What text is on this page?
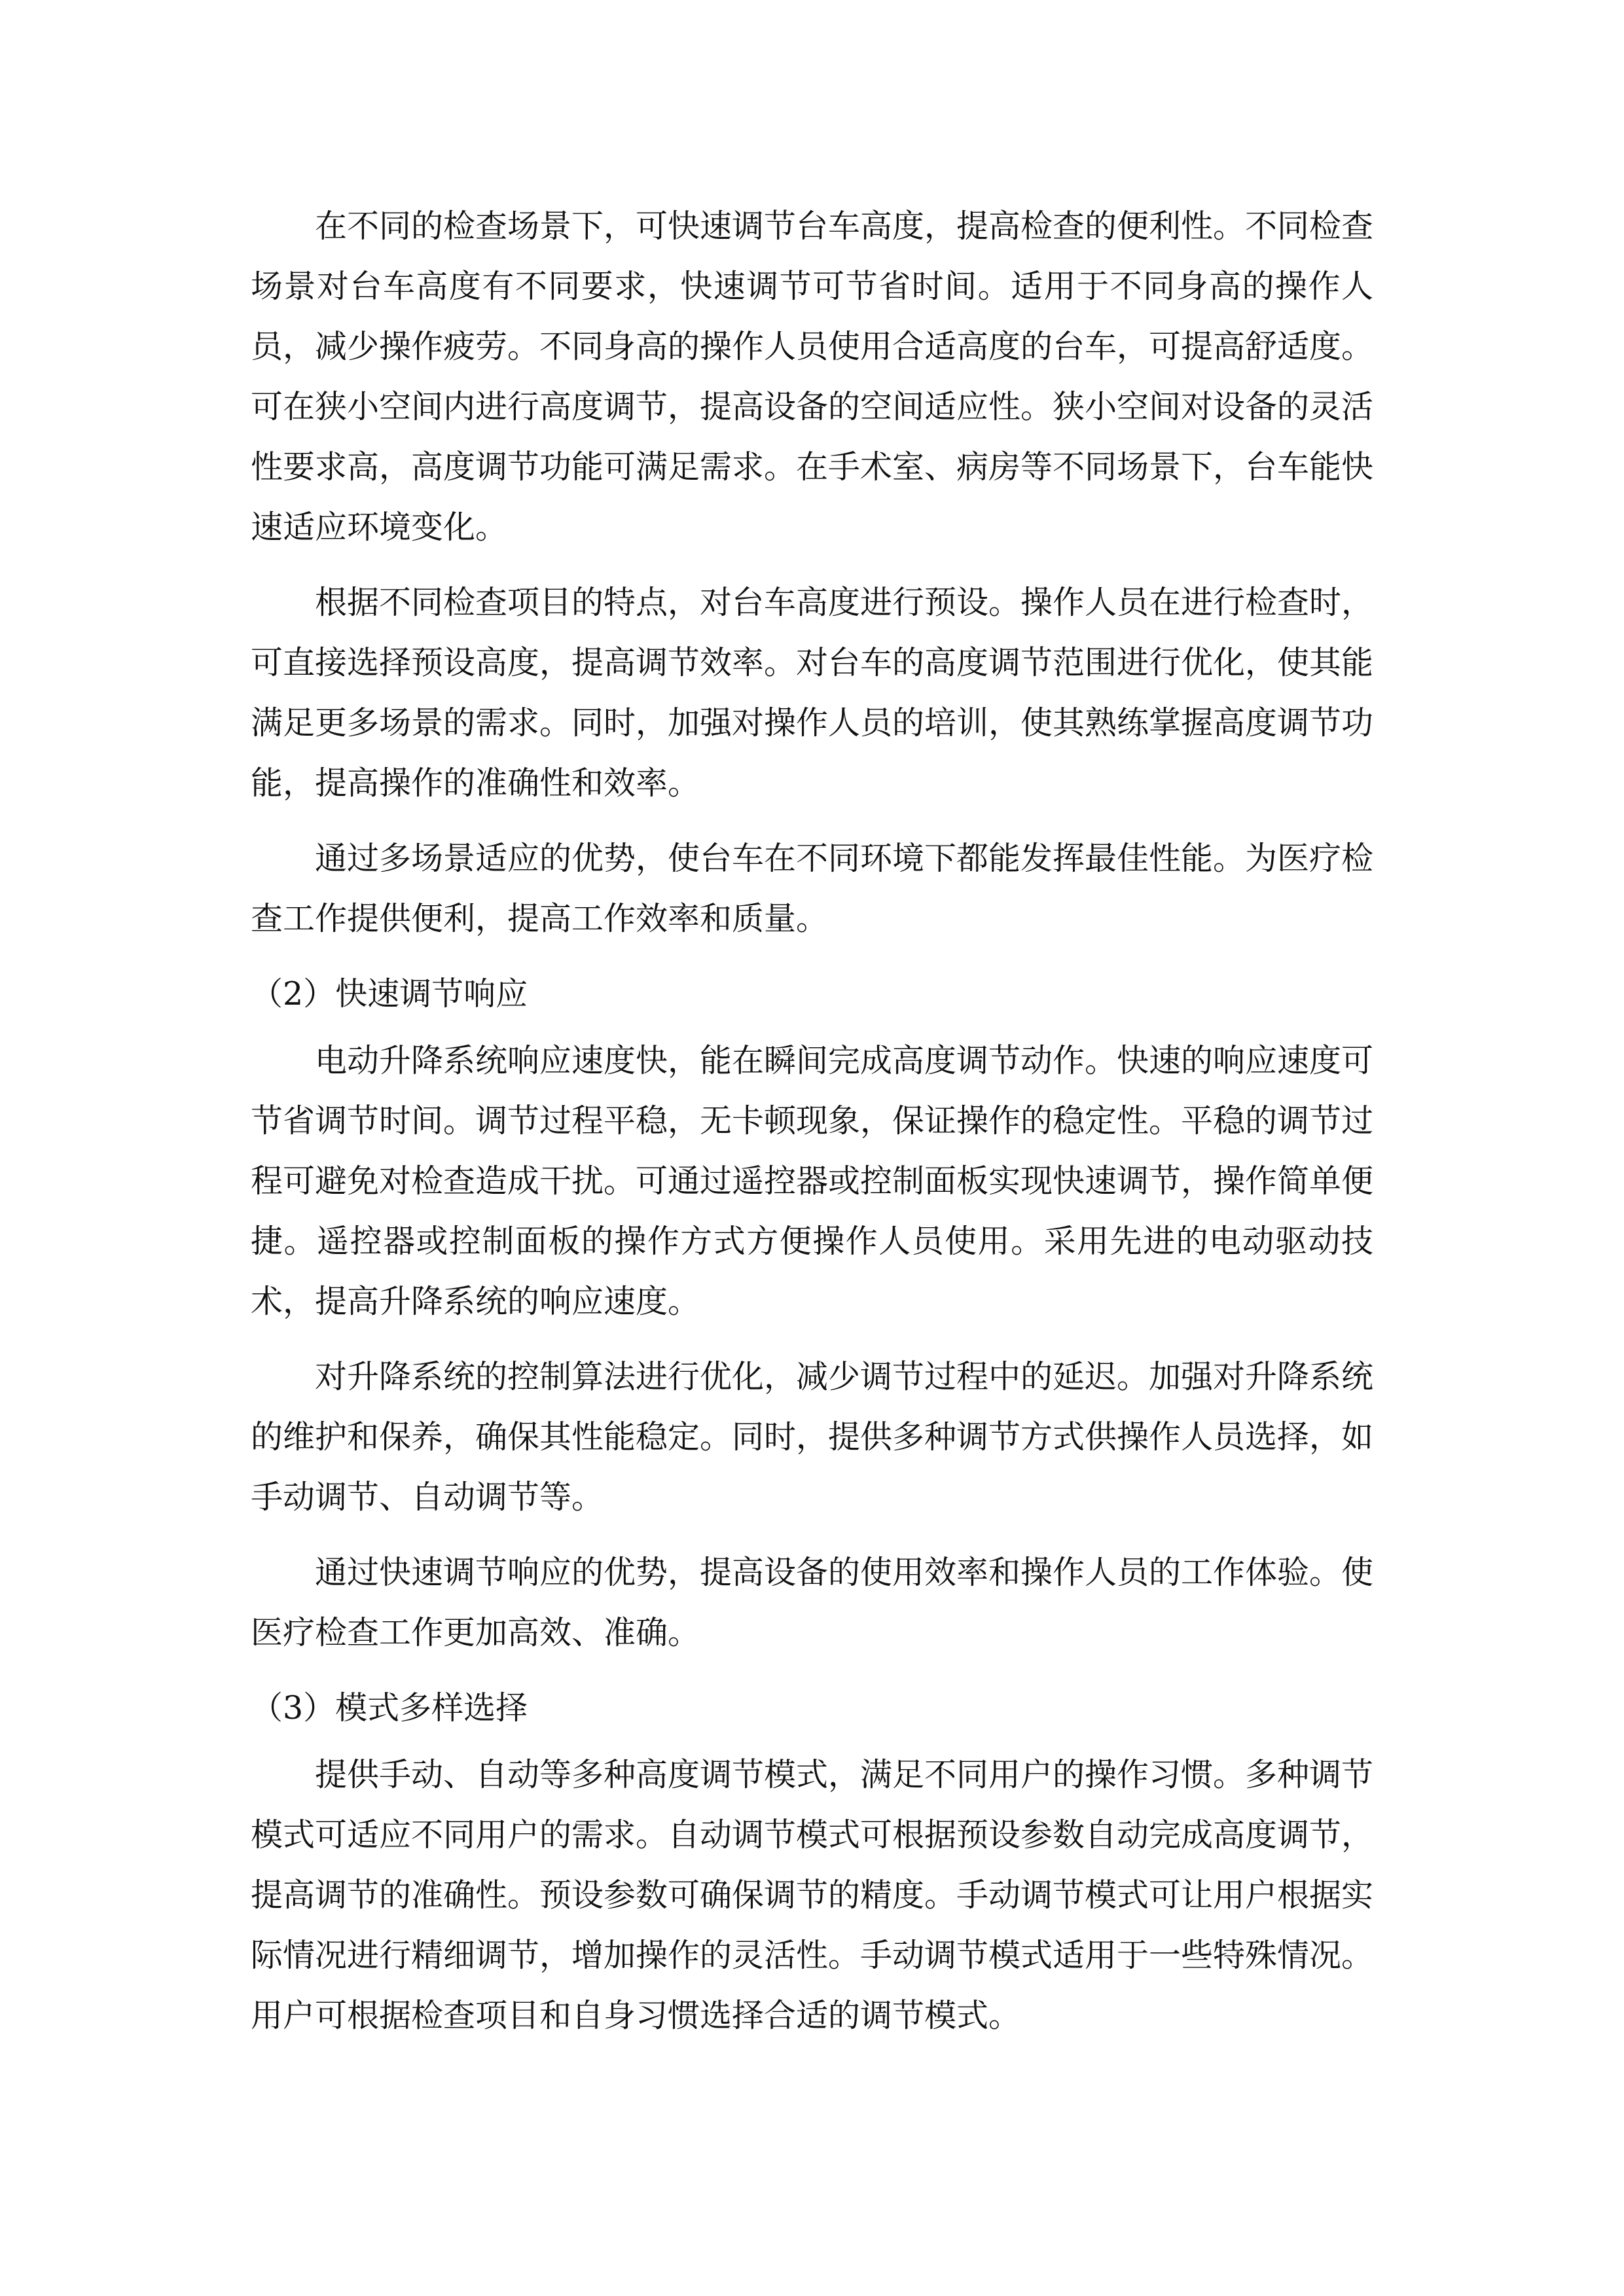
在不同的检查场景下，可快速调节台车高度，提高检查的便利性。不同检查场景对台车高度有不同要求，快速调节可节省时间。适用于不同身高的操作人员，减少操作疲劳。不同身高的操作人员使用合适高度的台车，可提高舒适度。可在狭小空间内进行高度调节，提高设备的空间适应性。狭小空间对设备的灵活性要求高，高度调节功能可满足需求。在手术室、病房等不同场景下，台车能快速适应环境变化。

根据不同检查项目的特点，对台车高度进行预设。操作人员在进行检查时，可直接选择预设高度，提高调节效率。对台车的高度调节范围进行优化，使其能满足更多场景的需求。同时，加强对操作人员的培训，使其熟练掌握高度调节功能，提高操作的准确性和效率。

通过多场景适应的优势，使台车在不同环境下都能发挥最佳性能。为医疗检查工作提供便利，提高工作效率和质量。

（2）快速调节响应

电动升降系统响应速度快，能在瞬间完成高度调节动作。快速的响应速度可节省调节时间。调节过程平稳，无卡顿现象，保证操作的稳定性。平稳的调节过程可避免对检查造成干扰。可通过遥控器或控制面板实现快速调节，操作简单便捷。遥控器或控制面板的操作方式方便操作人员使用。采用先进的电动驱动技术，提高升降系统的响应速度。

对升降系统的控制算法进行优化，减少调节过程中的延迟。加强对升降系统的维护和保养，确保其性能稳定。同时，提供多种调节方式供操作人员选择，如手动调节、自动调节等。

通过快速调节响应的优势，提高设备的使用效率和操作人员的工作体验。使医疗检查工作更加高效、准确。

（3）模式多样选择

提供手动、自动等多种高度调节模式，满足不同用户的操作习惯。多种调节模式可适应不同用户的需求。自动调节模式可根据预设参数自动完成高度调节，提高调节的准确性。预设参数可确保调节的精度。手动调节模式可让用户根据实际情况进行精细调节，增加操作的灵活性。手动调节模式适用于一些特殊情况。用户可根据检查项目和自身习惯选择合适的调节模式。
